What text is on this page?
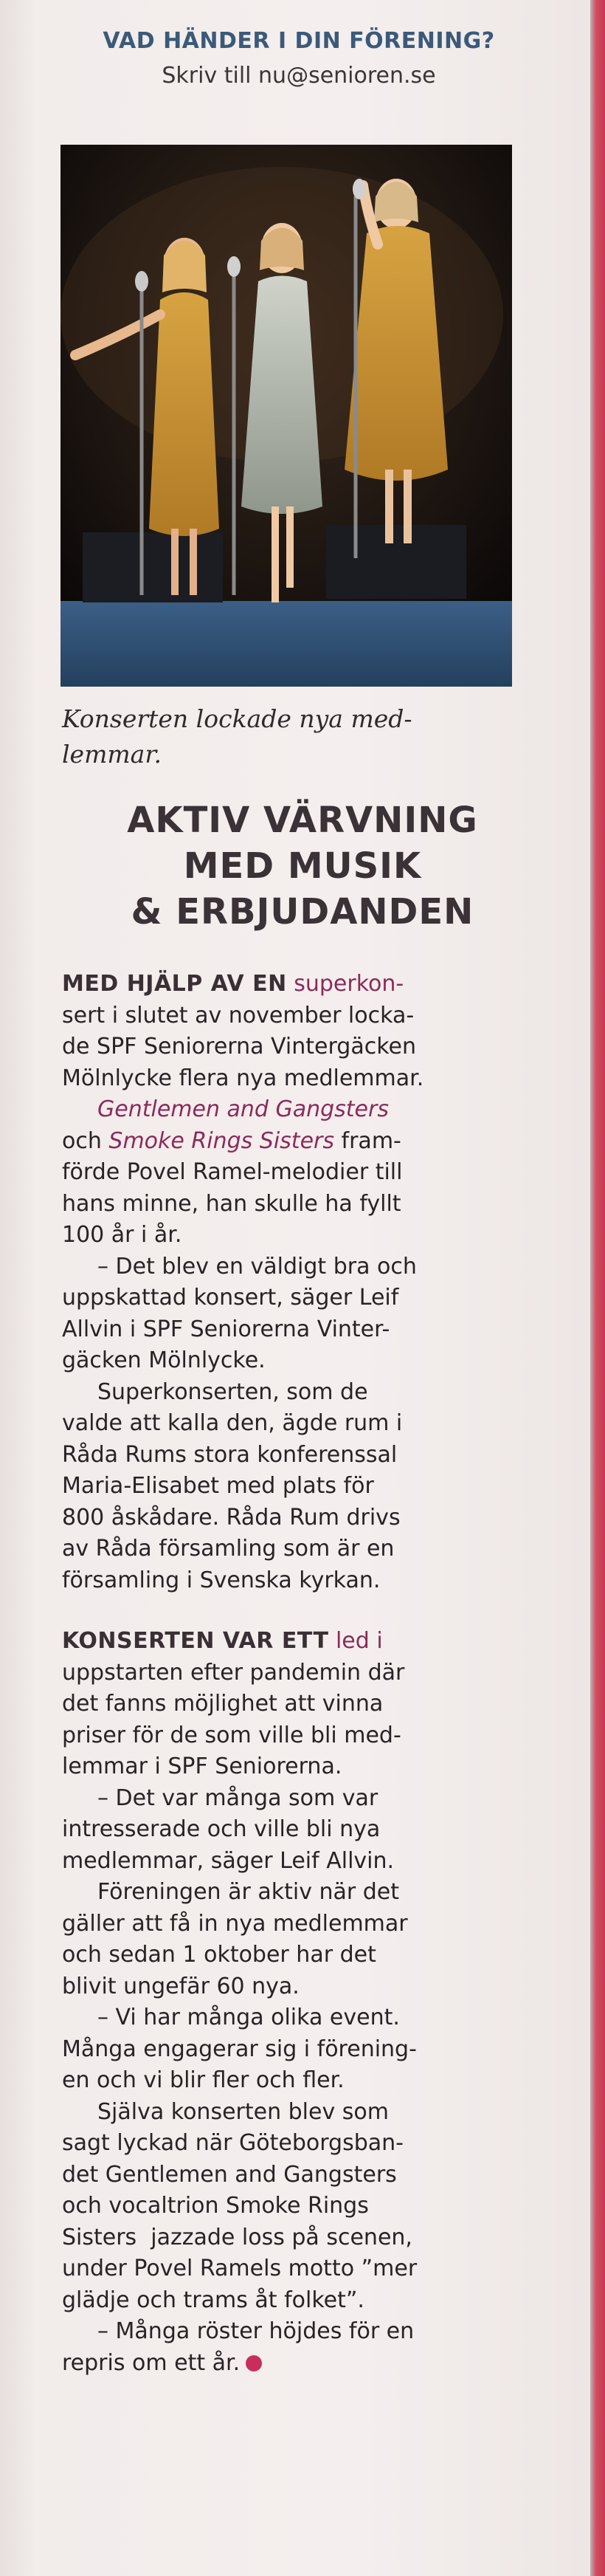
VAD HÄNDER I DIN FÖRENING?

Skriv till nu@senioren.se
Konserten lockade nya med-
lemmar.
AKTIV VÄRVNING
MED MUSIK
& ERBJUDANDEN

MED HJÄLP AV EN superkon-
sert i slutet av november locka-
de SPF Seniorerna Vintergäcken
Mölnlycke flera nya medlemmar.

Gentlemen and Gangsters
och Smoke Rings Sisters fram-
förde Povel Ramel-melodier till
hans minne, han skulle ha fyllt
100 år i år.

– Det blev en väldigt bra och
uppskattad konsert, säger Leif
Allvin i SPF Seniorerna Vinter-
gäcken Mölnlycke.

Superkonserten, som de
valde att kalla den, ägde rum i
Råda Rums stora konferenssal
Maria-Elisabet med plats för
800 åskådare. Råda Rum drivs
av Råda församling som är en
församling i Svenska kyrkan.

KONSERTEN VAR ETT led i
uppstarten efter pandemin där
det fanns möjlighet att vinna
priser för de som ville bli med-
lemmar i SPF Seniorerna.

– Det var många som var
intresserade och ville bli nya
medlemmar, säger Leif Allvin.

Föreningen är aktiv när det
gäller att få in nya medlemmar
och sedan 1 oktober har det
blivit ungefär 60 nya.

– Vi har många olika event.
Många engagerar sig i förening-
en och vi blir fler och fler.

Själva konserten blev som
sagt lyckad när Göteborgsban-
det Gentlemen and Gangsters
och vocaltrion Smoke Rings
Sisters  jazzade loss på scenen,
under Povel Ramels motto ”mer
glädje och trams åt folket”.

– Många röster höjdes för en
repris om ett år.
